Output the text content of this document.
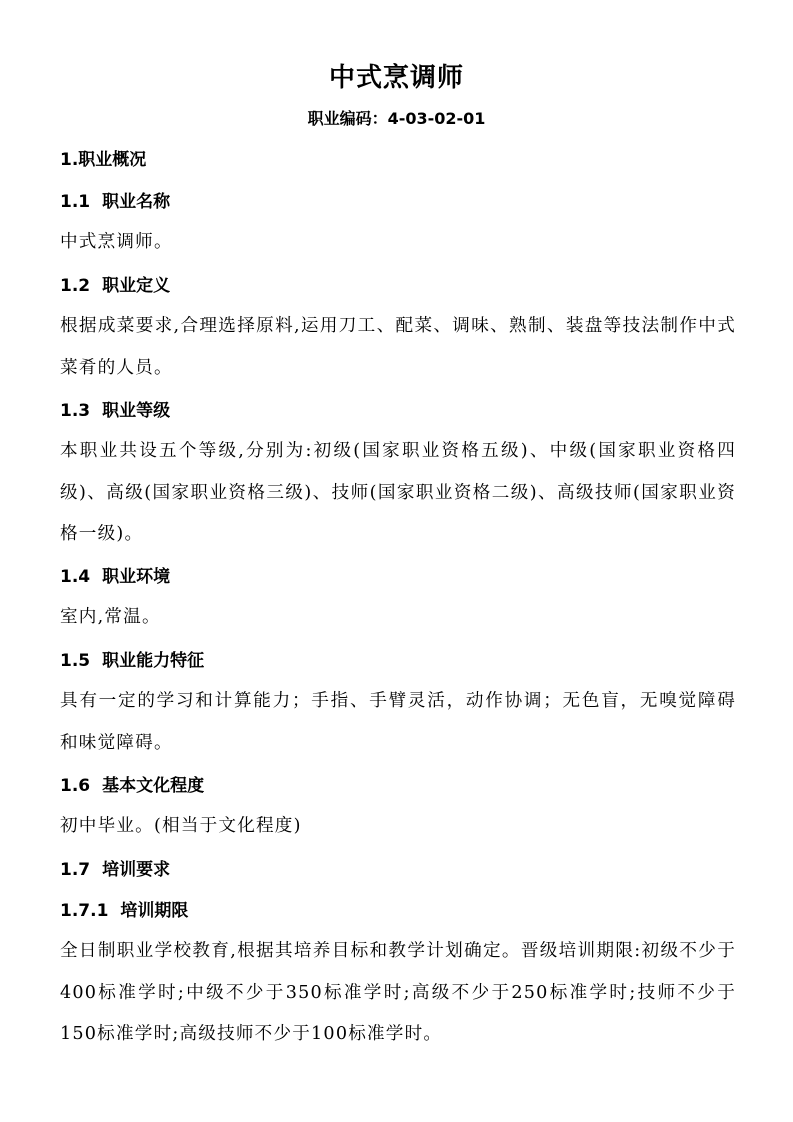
中式烹调师
职业编码：4-03-02-01
1.职业概况
1.1 职业名称
中式烹调师。
1.2 职业定义
根据成菜要求,合理选择原料,运用刀工、配菜、调味、熟制、装盘等技法制作中式菜肴的人员。
1.3 职业等级
本职业共设五个等级,分别为:初级(国家职业资格五级)、中级(国家职业资格四级)、高级(国家职业资格三级)、技师(国家职业资格二级)、高级技师(国家职业资格一级)。
1.4 职业环境
室内,常温。
1.5 职业能力特征
具有一定的学习和计算能力；手指、手臂灵活，动作协调；无色盲，无嗅觉障碍和味觉障碍。
1.6 基本文化程度
初中毕业。(相当于文化程度)
1.7 培训要求
1.7.1 培训期限
全日制职业学校教育,根据其培养目标和教学计划确定。晋级培训期限:初级不少于400标准学时;中级不少于350标准学时;高级不少于250标准学时;技师不少于150标准学时;高级技师不少于100标准学时。
